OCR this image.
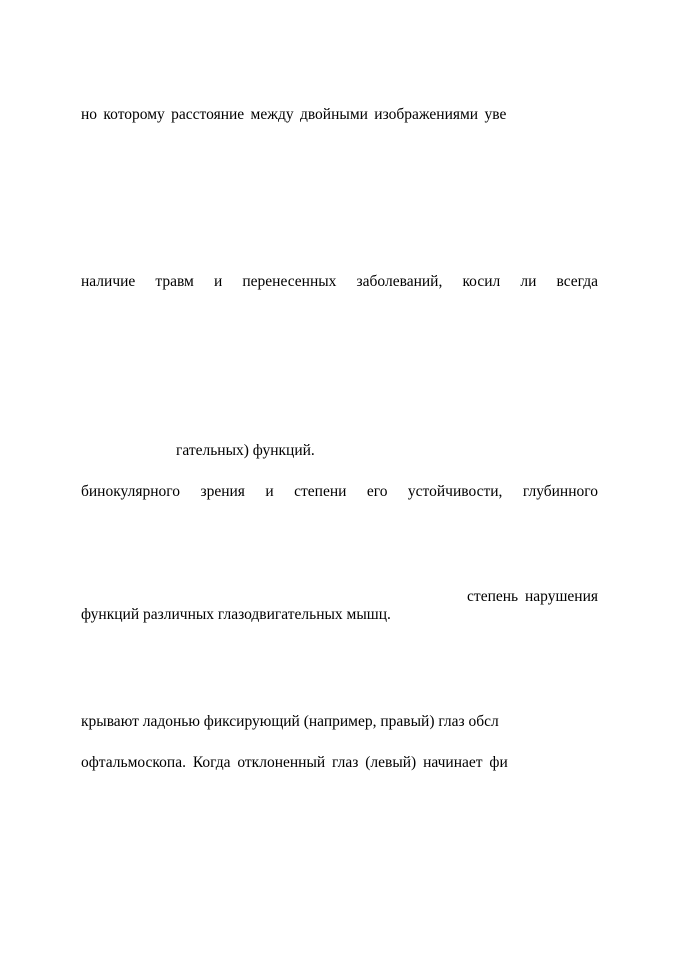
но которому расстояние между двойными изображениями уве
наличие травм и перенесенных заболеваний, косил ли всегда
гательных) функций.
бинокулярного зрения и степени его устойчивости, глубинного
степень нарушения
функций различных глазодвигательных мышц.
крывают ладонью фиксирующий (например, правый) глаз обсл
офтальмоскопа. Когда отклоненный глаз (левый) начинает фи
